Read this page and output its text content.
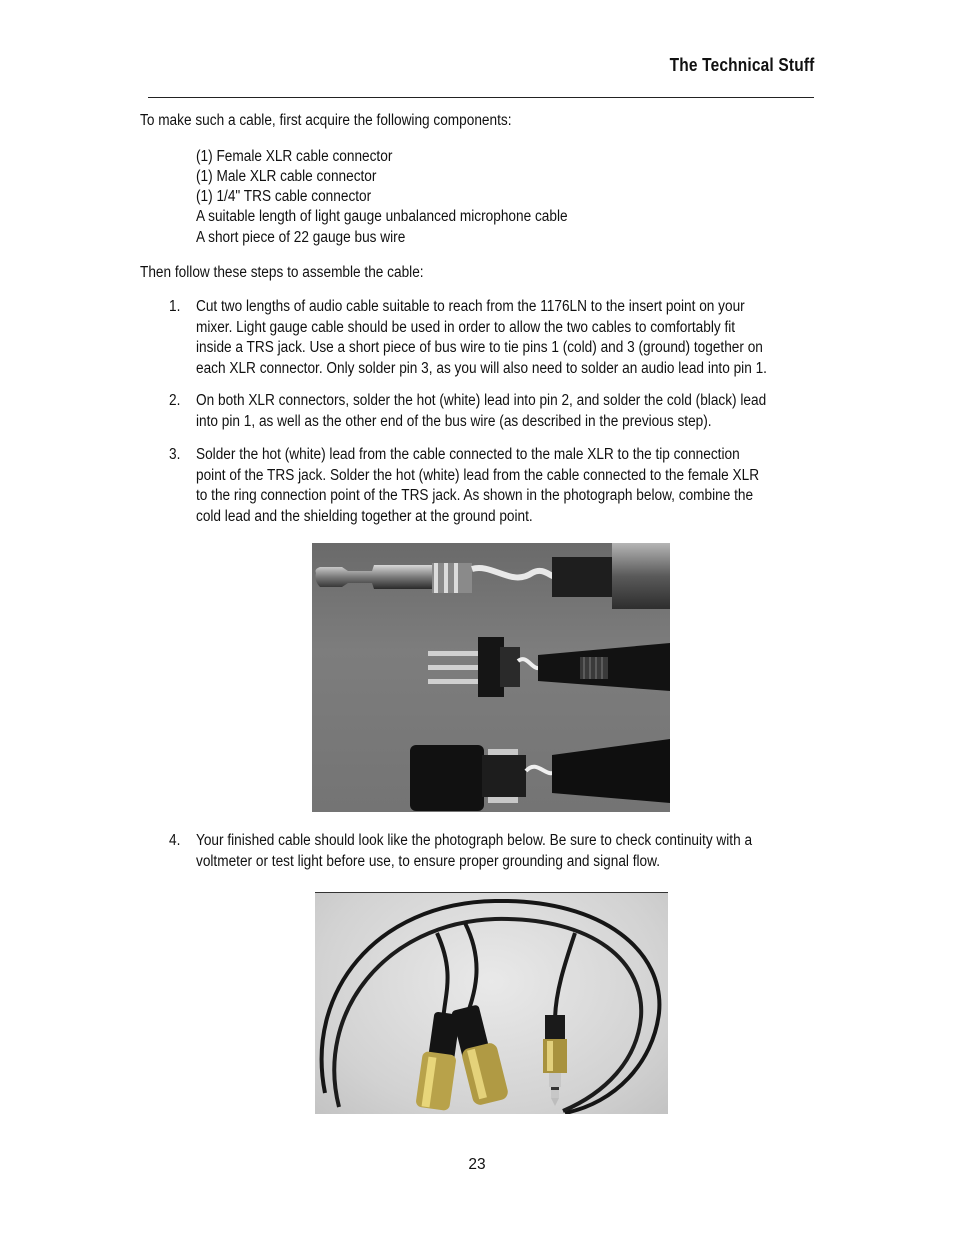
The Technical Stuff
To make such a cable, first acquire the following components:
(1) Female XLR cable connector
(1) Male XLR cable connector
(1) 1/4" TRS cable connector
A suitable length of light gauge unbalanced microphone cable
A short piece of 22 gauge bus wire
Then follow these steps to assemble the cable:
1. Cut two lengths of audio cable suitable to reach from the 1176LN to the insert point on your
mixer. Light gauge cable should be used in order to allow the two cables to comfortably fit
inside a TRS jack. Use a short piece of bus wire to tie pins 1 (cold) and 3 (ground) together on
each XLR connector. Only solder pin 3, as you will also need to solder an audio lead into pin 1.
2. On both XLR connectors, solder the hot (white) lead into pin 2, and solder the cold (black) lead
into pin 1, as well as the other end of the bus wire (as described in the previous step).
3. Solder the hot (white) lead from the cable connected to the male XLR to the tip connection
point of the TRS jack. Solder the hot (white) lead from the cable connected to the female XLR
to the ring connection point of the TRS jack. As shown in the photograph below, combine the
cold lead and the shielding together at the ground point.
4. Your finished cable should look like the photograph below. Be sure to check continuity with a
voltmeter or test light before use, to ensure proper grounding and signal flow.
23
